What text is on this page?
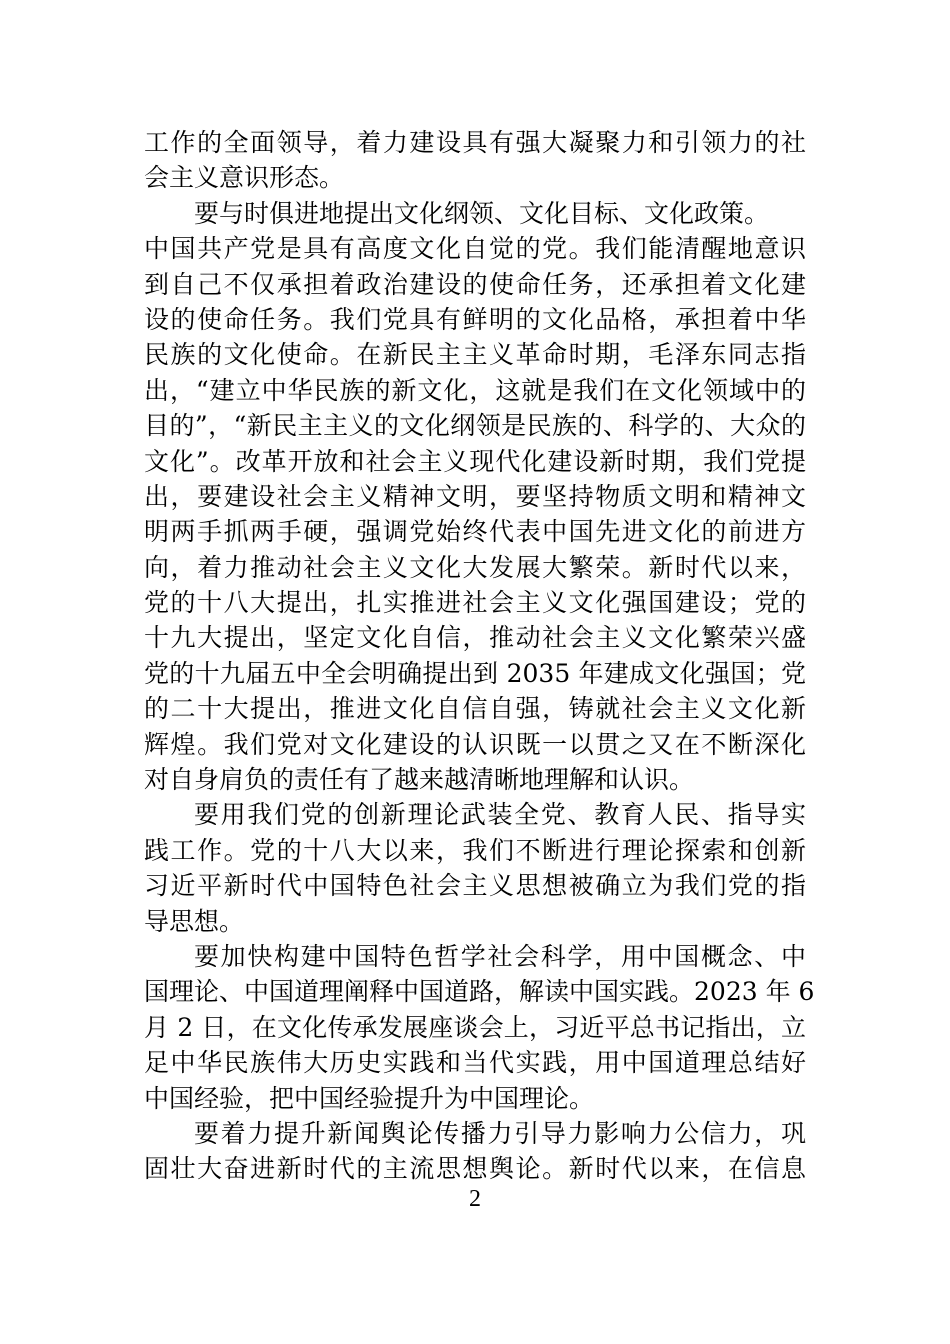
工作的全面领导，着力建设具有强大凝聚力和引领力的社
会主义意识形态。
要与时俱进地提出文化纲领、文化目标、文化政策。
中国共产党是具有高度文化自觉的党。我们能清醒地意识
到自己不仅承担着政治建设的使命任务，还承担着文化建
设的使命任务。我们党具有鲜明的文化品格，承担着中华
民族的文化使命。在新民主主义革命时期，毛泽东同志指
出，“建立中华民族的新文化，这就是我们在文化领域中的
目的”，“新民主主义的文化纲领是民族的、科学的、大众的
文化”。改革开放和社会主义现代化建设新时期，我们党提
出，要建设社会主义精神文明，要坚持物质文明和精神文
明两手抓两手硬，强调党始终代表中国先进文化的前进方
向，着力推动社会主义文化大发展大繁荣。新时代以来，
党的十八大提出，扎实推进社会主义文化强国建设；党的
十九大提出，坚定文化自信，推动社会主义文化繁荣兴盛
党的十九届五中全会明确提出到 2035 年建成文化强国；党
的二十大提出，推进文化自信自强，铸就社会主义文化新
辉煌。我们党对文化建设的认识既一以贯之又在不断深化
对自身肩负的责任有了越来越清晰地理解和认识。
要用我们党的创新理论武装全党、教育人民、指导实
践工作。党的十八大以来，我们不断进行理论探索和创新
习近平新时代中国特色社会主义思想被确立为我们党的指
导思想。
要加快构建中国特色哲学社会科学，用中国概念、中
国理论、中国道理阐释中国道路，解读中国实践。2023 年 6
月 2 日，在文化传承发展座谈会上，习近平总书记指出，立
足中华民族伟大历史实践和当代实践，用中国道理总结好
中国经验，把中国经验提升为中国理论。
要着力提升新闻舆论传播力引导力影响力公信力，巩
固壮大奋进新时代的主流思想舆论。新时代以来，在信息
2
